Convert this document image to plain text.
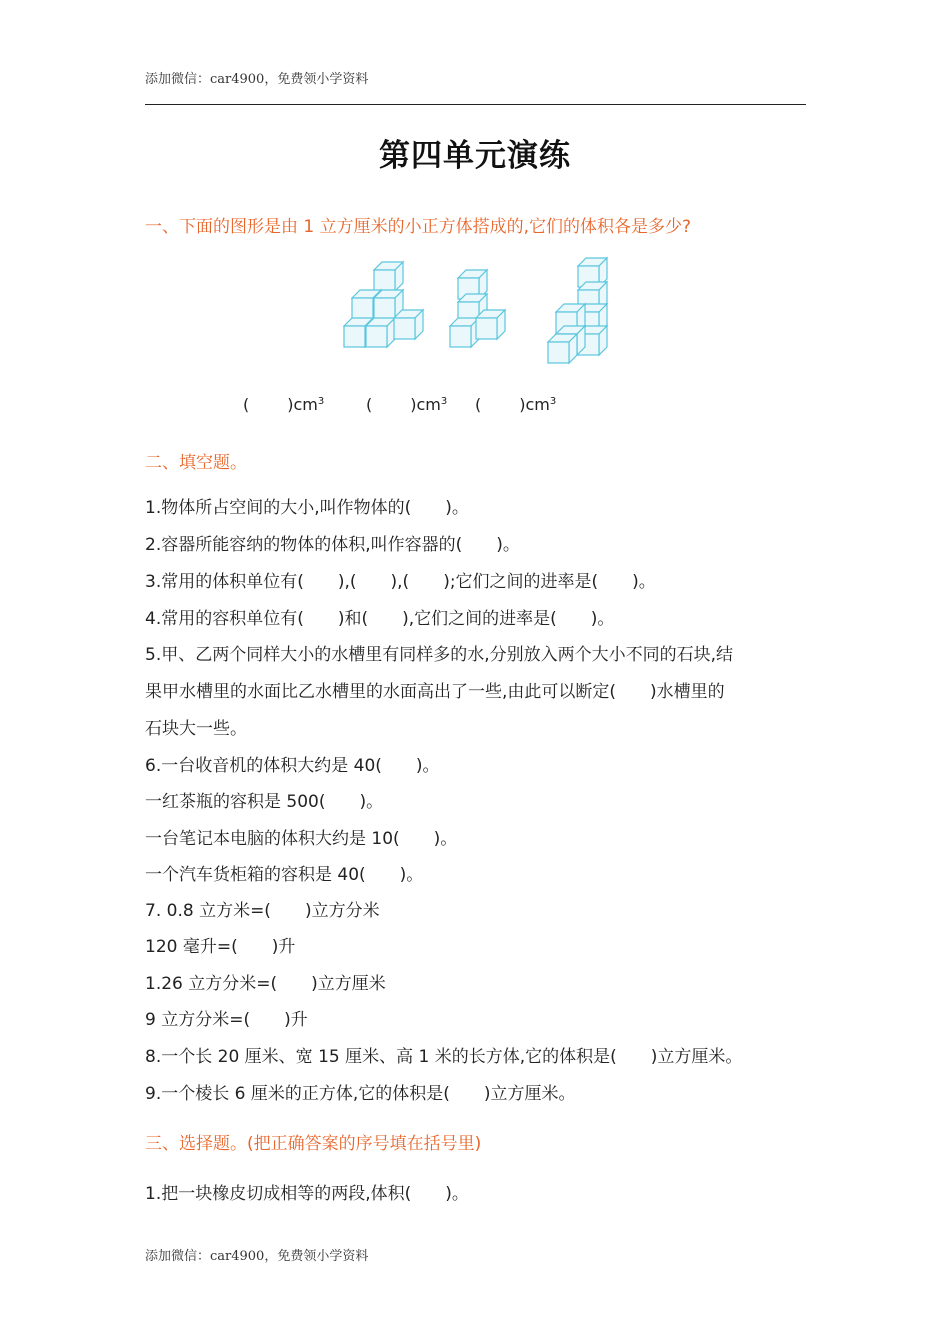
添加微信：car4900，免费领小学资料
第四单元演练
一、下面的图形是由 1 立方厘米的小正方体搭成的,它们的体积各是多少?
( )$cm^3$	( )$cm^3$ ( )$cm^3$
二、填空题。
1.物体所占空间的大小,叫作物体的(　　)。
2.容器所能容纳的物体的体积,叫作容器的(　　)。
3.常用的体积单位有(　　),(　　),(　　);它们之间的进率是(　　)。
4.常用的容积单位有(　　)和(　　),它们之间的进率是(　　)。
5.甲、乙两个同样大小的水槽里有同样多的水,分别放入两个大小不同的石块,结
果甲水槽里的水面比乙水槽里的水面高出了一些,由此可以断定(　　)水槽里的
石块大一些。
6.一台收音机的体积大约是 40(　　)。
一红茶瓶的容积是 500(　　)。
一台笔记本电脑的体积大约是 10(　　)。
一个汽车货柜箱的容积是 40(　　)。
7. 0.8 立方米=(　　)立方分米
120 毫升=(　　)升
1.26 立方分米=(　　)立方厘米
9 立方分米=(　　)升
8.一个长 20 厘米、宽 15 厘米、高 1 米的长方体,它的体积是(　　)立方厘米。
9.一个棱长 6 厘米的正方体,它的体积是(　　)立方厘米。
三、选择题。(把正确答案的序号填在括号里)
1.把一块橡皮切成相等的两段,体积(　　)。
添加微信：car4900，免费领小学资料
